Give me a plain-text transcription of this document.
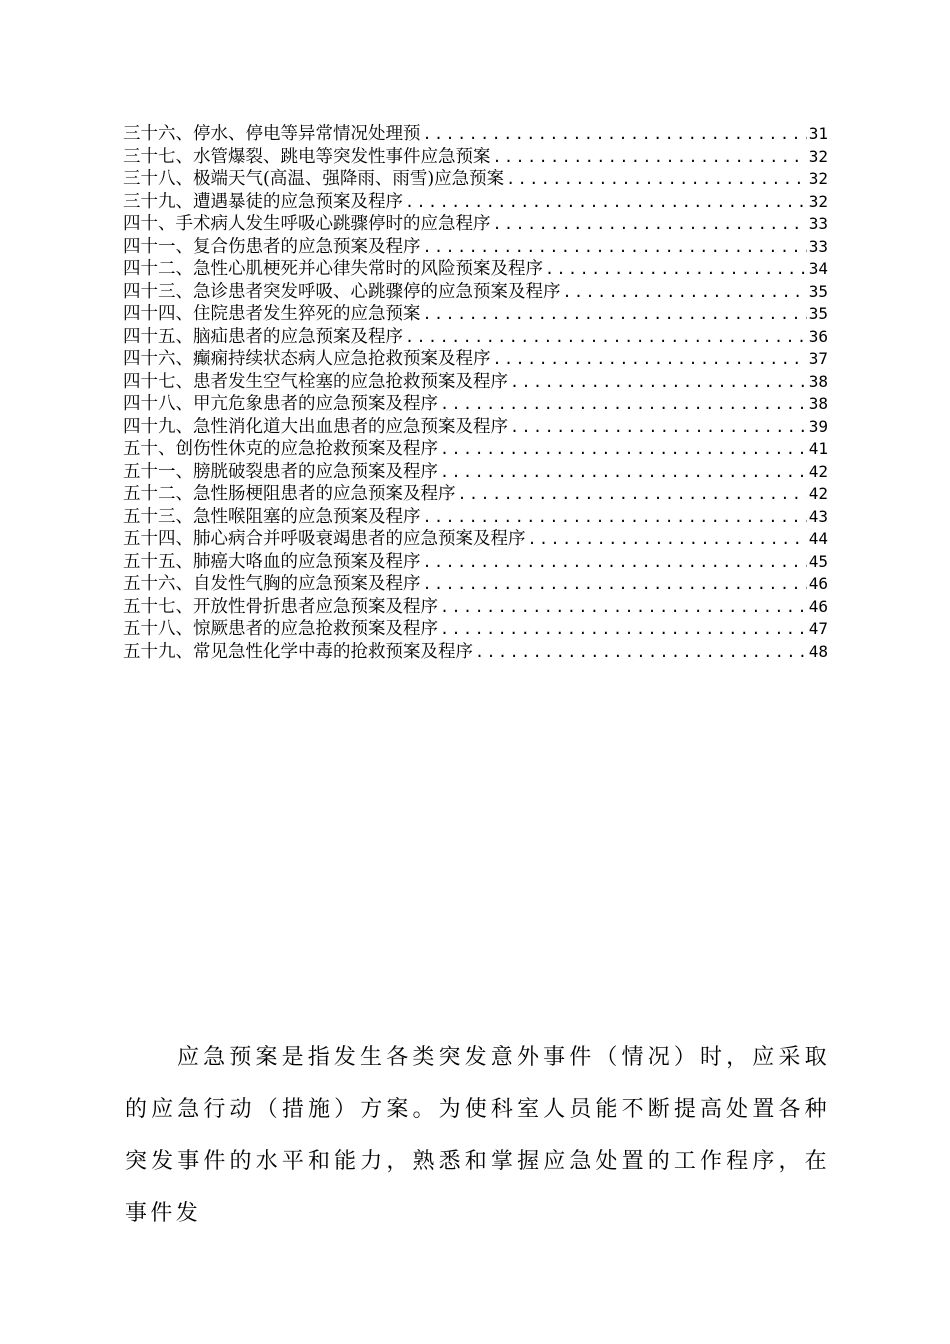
三十六、停水、停电等异常情况处理预 .....	31
三十七、水管爆裂、跳电等突发性事件应急预案 .....	32
三十八、极端天气(高温、强降雨、雨雪)应急预案 .....	32
三十九、遭遇暴徒的应急预案及程序 .....	32
四十、手术病人发生呼吸心跳骤停时的应急程序 .....	33
四十一、复合伤患者的应急预案及程序 .....	33
四十二、急性心肌梗死并心律失常时的风险预案及程序 .....	34
四十三、急诊患者突发呼吸、心跳骤停的应急预案及程序 .....	35
四十四、住院患者发生猝死的应急预案 .....	35
四十五、脑疝患者的应急预案及程序 .....	36
四十六、癫痫持续状态病人应急抢救预案及程序 .....	37
四十七、患者发生空气栓塞的应急抢救预案及程序 .....	38
四十八、甲亢危象患者的应急预案及程序 .....	38
四十九、急性消化道大出血患者的应急预案及程序 .....	39
五十、创伤性休克的应急抢救预案及程序 .....	41
五十一、膀胱破裂患者的应急预案及程序 .....	42
五十二、急性肠梗阻患者的应急预案及程序 .....	42
五十三、急性喉阻塞的应急预案及程序 .....	43
五十四、肺心病合并呼吸衰竭患者的应急预案及程序 .....	44
五十五、肺癌大咯血的应急预案及程序 .....	45
五十六、自发性气胸的应急预案及程序 .....	46
五十七、开放性骨折患者应急预案及程序 .....	46
五十八、惊厥患者的应急抢救预案及程序 .....	47
五十九、常见急性化学中毒的抢救预案及程序 .....	48

应急预案是指发生各类突发意外事件（情况）时，应采取的应急行动（措施）方案。为使科室人员能不断提高处置各种突发事件的水平和能力，熟悉和掌握应急处置的工作程序，在事件发
